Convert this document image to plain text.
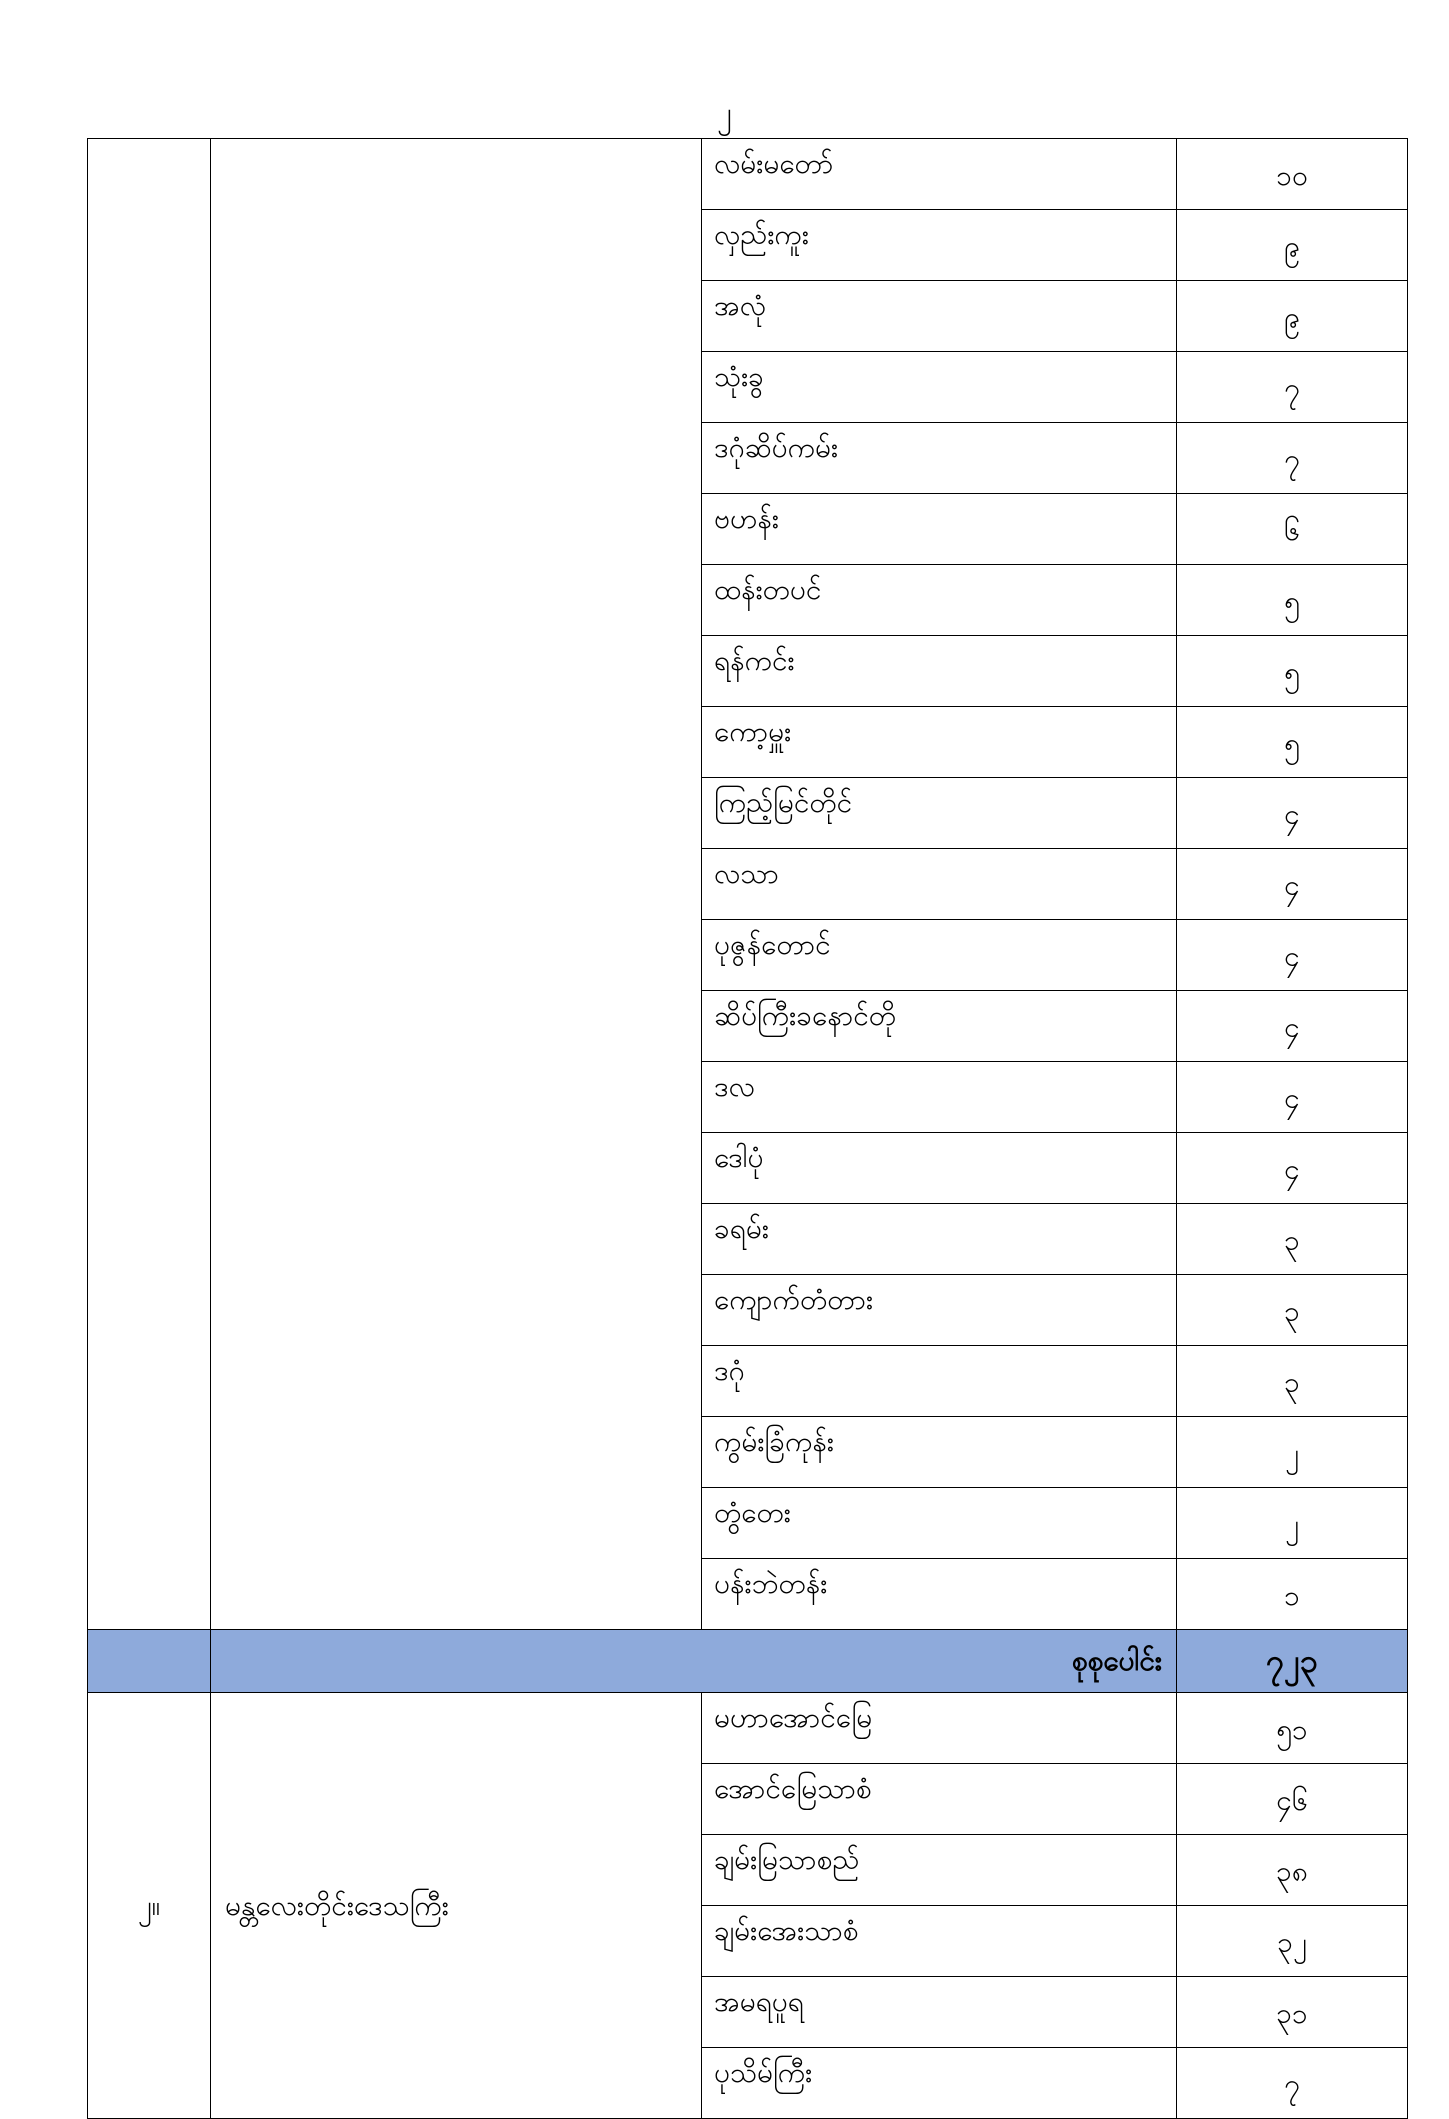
၂
		လမ်းမတော်	၁၀
		လှည်းကူး	၉
		အလုံ	၉
		သုံးခွ	၇
		ဒဂုံဆိပ်ကမ်း	၇
		ဗဟန်း	၆
		ထန်းတပင်	၅
		ရန်ကင်း	၅
		ကော့မှူး	၅
		ကြည့်မြင်တိုင်	၄
		လသာ	၄
		ပုဇွန်တောင်	၄
		ဆိပ်ကြီးခနောင်တို	၄
		ဒလ	၄
		ဒေါပုံ	၄
		ခရမ်း	၃
		ကျောက်တံတား	၃
		ဒဂုံ	၃
		ကွမ်းခြံကုန်း	၂
		တွံတေး	၂
		ပန်းဘဲတန်း	၁
	စုစုပေါင်း		၇၂၃
၂။	မန္တလေးတိုင်းဒေသကြီး	မဟာအောင်မြေ	၅၁
		အောင်မြေသာစံ	၄၆
		ချမ်းမြသာစည်	၃၈
		ချမ်းအေးသာစံ	၃၂
		အမရပူရ	၃၁
		ပုသိမ်ကြီး	၇
